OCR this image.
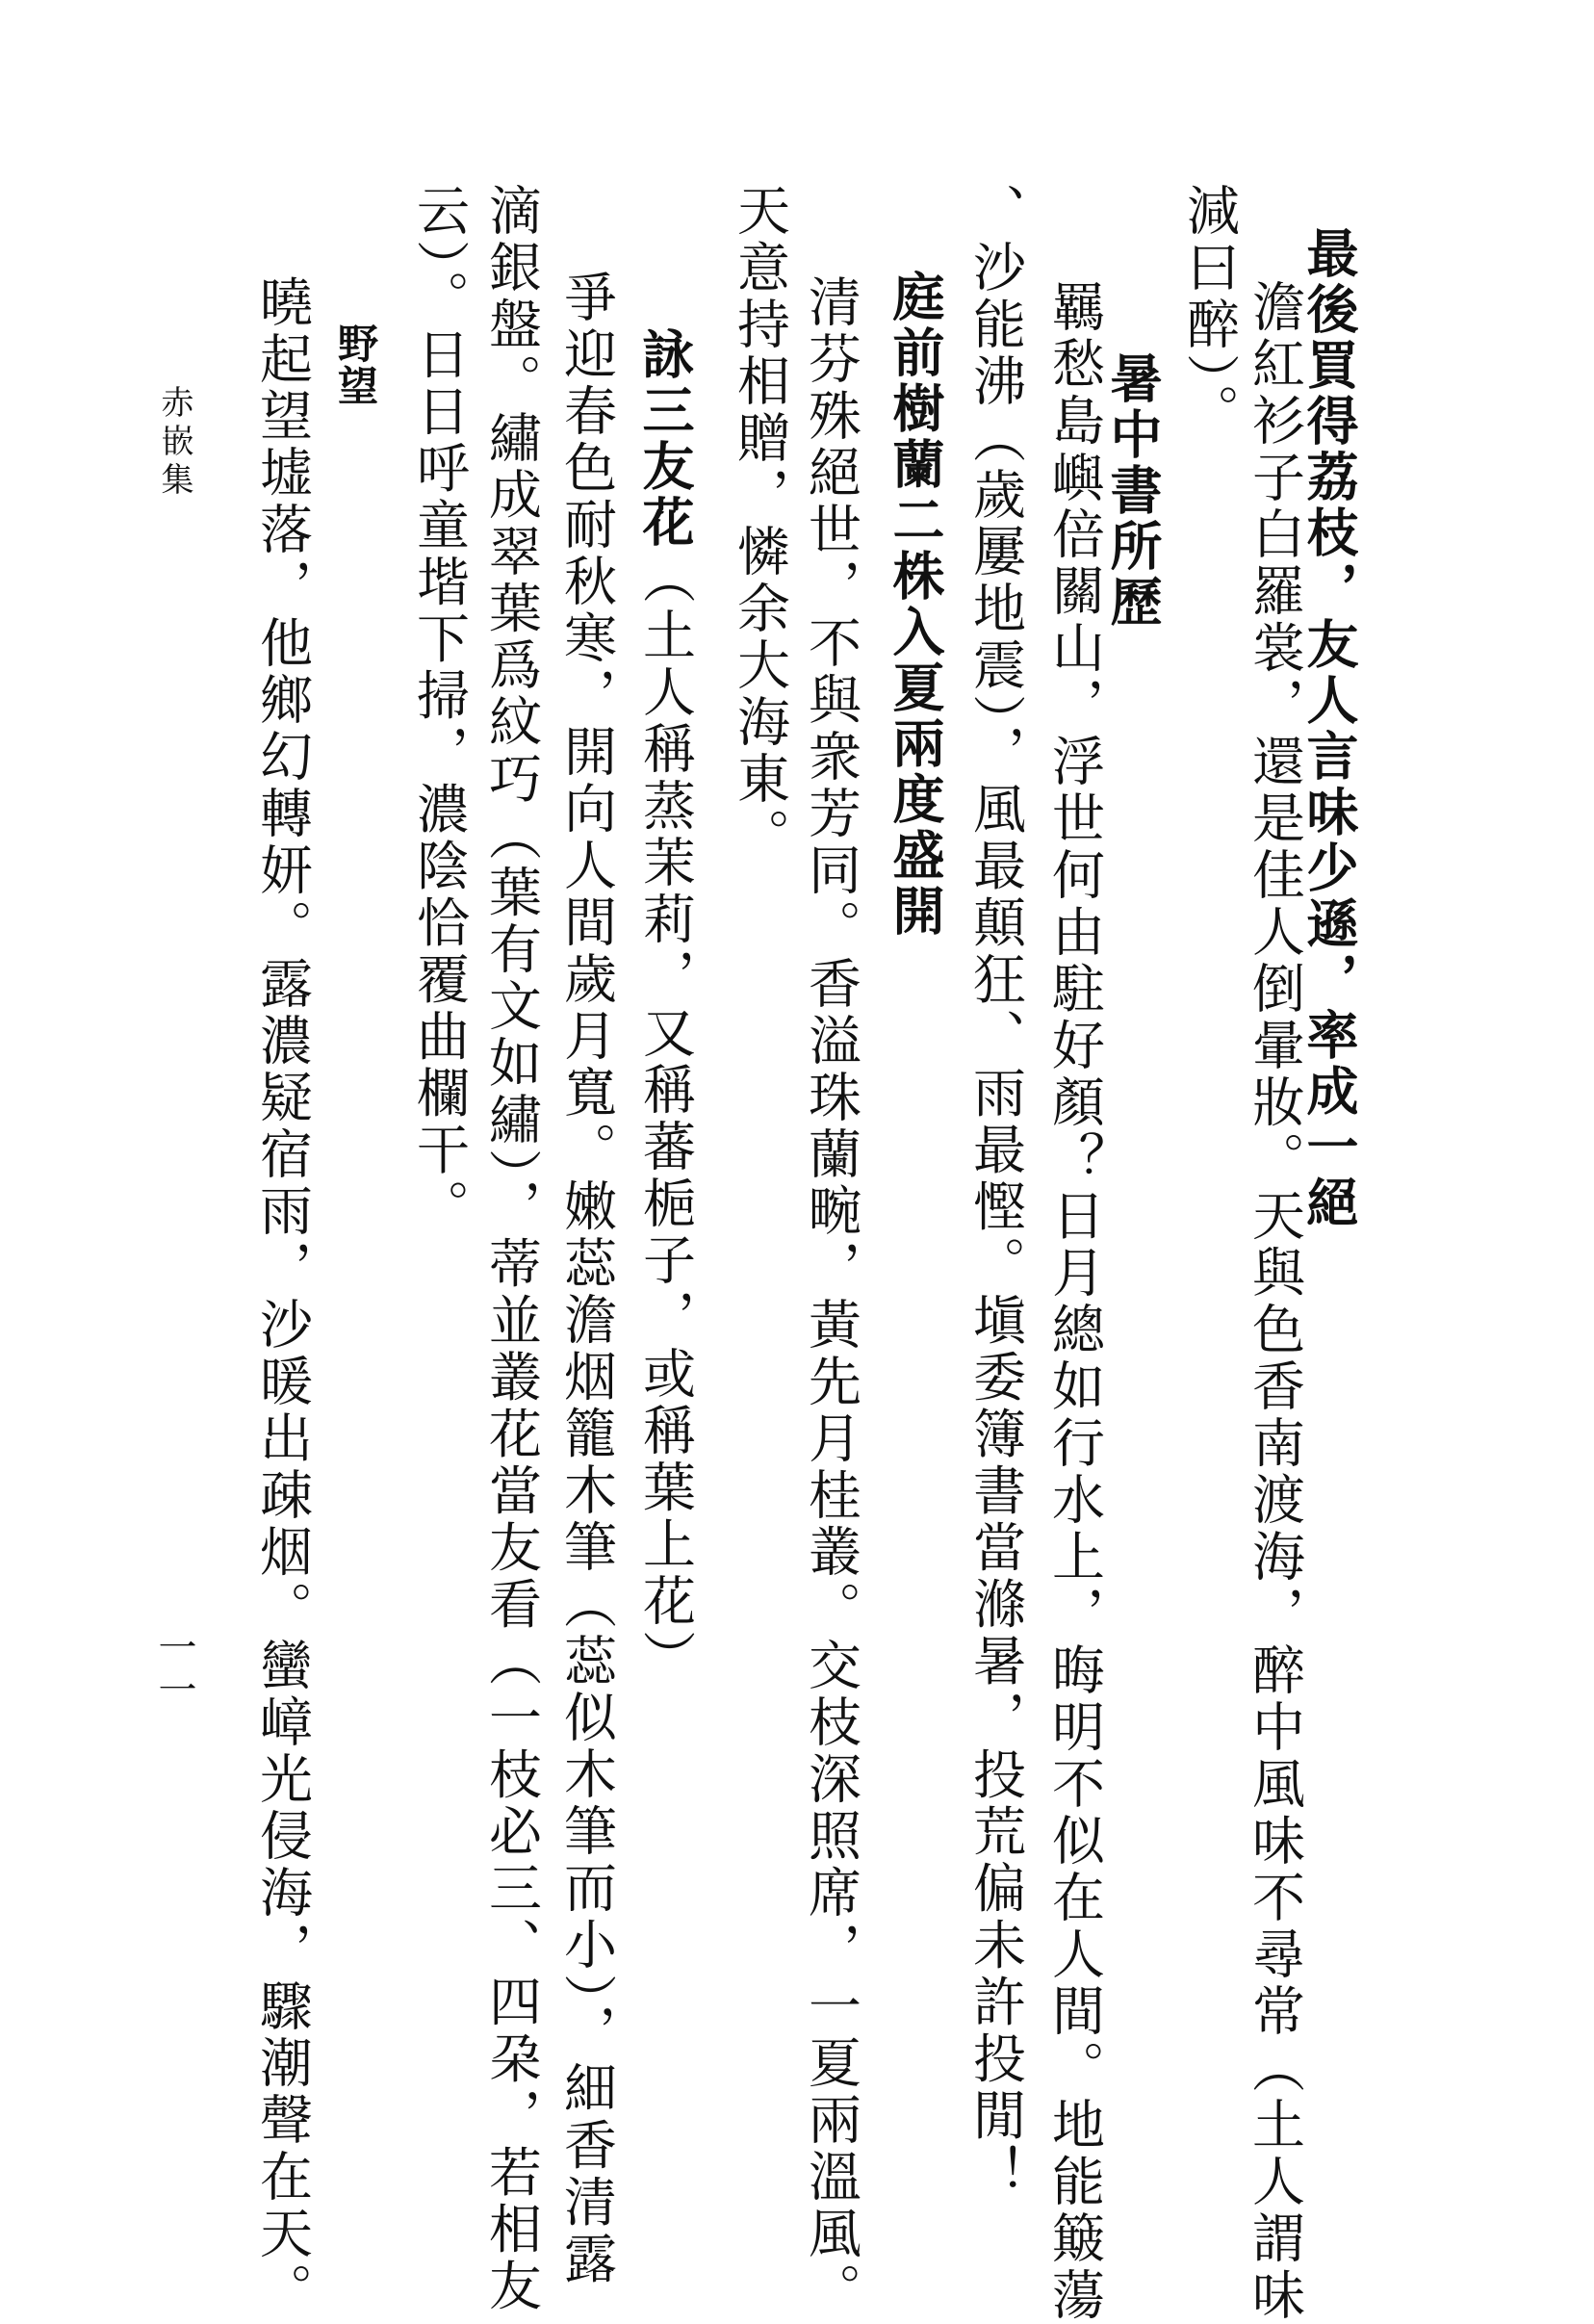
最後買得荔枝，友人言味少遜，率成一絕
澹紅衫子白羅裳，還是佳人倒暈妝。天與色香南渡海，醉中風味不尋常（土人謂味
減曰醉）。
暑中書所歷
羈愁島嶼倍關山，浮世何由駐好顏？日月總如行水上，晦明不似在人間。地能簸蕩
、沙能沸（歲屢地震），風最顛狂、雨最慳。塡委簿書當滌暑，投荒偏未許投閒！
庭前樹蘭二株入夏兩度盛開
清芬殊絕世，不與衆芳同。香溢珠蘭畹，黃先月桂叢。交枝深照席，一夏兩溫風。
天意持相贈，憐余大海東。
詠三友花（土人稱蒸茉莉，又稱蕃梔子，或稱葉上花）
爭迎春色耐秋寒，開向人間歲月寬。嫩蕊澹烟籠木筆（蕊似木筆而小），細香清露
滴銀盤。繡成翠葉爲紋巧（葉有文如繡），蒂並叢花當友看（一枝必三、四朶，若相友
云）。日日呼童堦下掃，濃陰恰覆曲欄干。
野望
曉起望墟落，他鄉幻轉妍。露濃疑宿雨，沙暖出疎烟。蠻嶂光侵海，驟潮聲在天。
赤嵌集
一一
